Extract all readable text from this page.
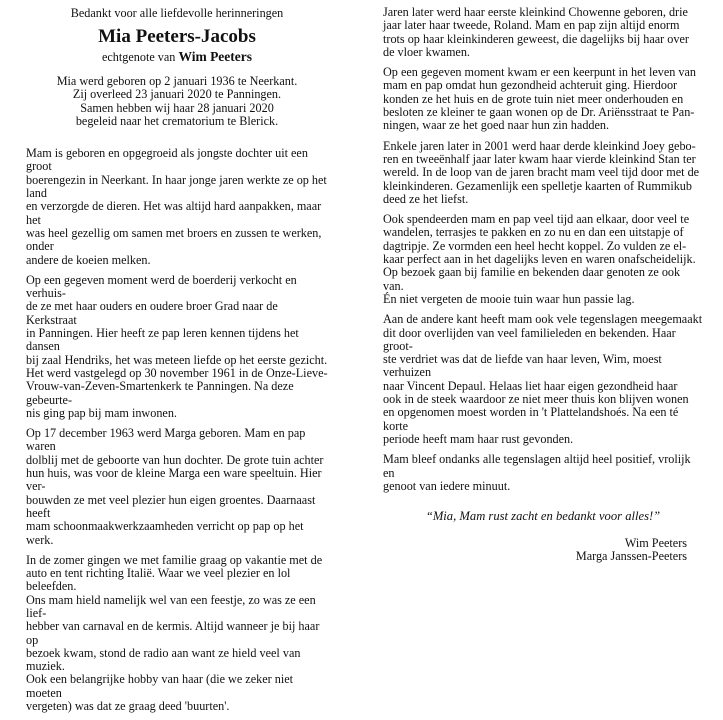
Bedankt voor alle liefdevolle herinneringen

Mia Peeters-Jacobs

echtgenote van Wim Peeters

Mia werd geboren op 2 januari 1936 te Neerkant.
Zij overleed 23 januari 2020 te Panningen.
Samen hebben wij haar 28 januari 2020
begeleid naar het crematorium te Blerick.

Mam is geboren en opgegroeid als jongste dochter uit een groot
boerengezin in Neerkant. In haar jonge jaren werkte ze op het land
en verzorgde de dieren. Het was altijd hard aanpakken, maar het
was heel gezellig om samen met broers en zussen te werken, onder
andere de koeien melken.

Op een gegeven moment werd de boerderij verkocht en verhuis-
de ze met haar ouders en oudere broer Grad naar de Kerkstraat
in Panningen. Hier heeft ze pap leren kennen tijdens het dansen
bij zaal Hendriks, het was meteen liefde op het eerste gezicht.
Het werd vastgelegd op 30 november 1961 in de Onze-Lieve-
Vrouw-van-Zeven-Smartenkerk te Panningen. Na deze gebeurte-
nis ging pap bij mam inwonen.

Op 17 december 1963 werd Marga geboren. Mam en pap waren
dolblij met de geboorte van hun dochter. De grote tuin achter
hun huis, was voor de kleine Marga een ware speeltuin. Hier ver-
bouwden ze met veel plezier hun eigen groentes. Daarnaast heeft
mam schoonmaakwerkzaamheden verricht op pap op het werk.

In de zomer gingen we met familie graag op vakantie met de
auto en tent richting Italië. Waar we veel plezier en lol beleefden.
Ons mam hield namelijk wel van een feestje, zo was ze een lief-
hebber van carnaval en de kermis. Altijd wanneer je bij haar op
bezoek kwam, stond de radio aan want ze hield veel van muziek.
Ook een belangrijke hobby van haar (die we zeker niet moeten
vergeten) was dat ze graag deed 'buurten'.

Jaren later werd haar eerste kleinkind Chowenne geboren, drie
jaar later haar tweede, Roland. Mam en pap zijn altijd enorm
trots op haar kleinkinderen geweest, die dagelijks bij haar over
de vloer kwamen.

Op een gegeven moment kwam er een keerpunt in het leven van
mam en pap omdat hun gezondheid achteruit ging. Hierdoor
konden ze het huis en de grote tuin niet meer onderhouden en
besloten ze kleiner te gaan wonen op de Dr. Ariënsstraat te Pan-
ningen, waar ze het goed naar hun zin hadden.

Enkele jaren later in 2001 werd haar derde kleinkind Joey gebo-
ren en tweeënhalf jaar later kwam haar vierde kleinkind Stan ter
wereld. In de loop van de jaren bracht mam veel tijd door met de
kleinkinderen. Gezamenlijk een spelletje kaarten of Rummikub
deed ze het liefst.

Ook spendeerden mam en pap veel tijd aan elkaar, door veel te
wandelen, terrasjes te pakken en zo nu en dan een uitstapje of
dagtripje. Ze vormden een heel hecht koppel. Zo vulden ze el-
kaar perfect aan in het dagelijks leven en waren onafscheidelijk.
Op bezoek gaan bij familie en bekenden daar genoten ze ook van.
Én niet vergeten de mooie tuin waar hun passie lag.

Aan de andere kant heeft mam ook vele tegenslagen meegemaakt
dit door overlijden van veel familieleden en bekenden. Haar groot-
ste verdriet was dat de liefde van haar leven, Wim, moest verhuizen
naar Vincent Depaul. Helaas liet haar eigen gezondheid haar
ook in de steek waardoor ze niet meer thuis kon blijven wonen
en opgenomen moest worden in 't Plattelandshoés. Na een té korte
periode heeft mam haar rust gevonden.

Mam bleef ondanks alle tegenslagen altijd heel positief, vrolijk en
genoot van iedere minuut.

“Mia, Mam rust zacht en bedankt voor alles!”

Wim Peeters
Marga Janssen-Peeters
